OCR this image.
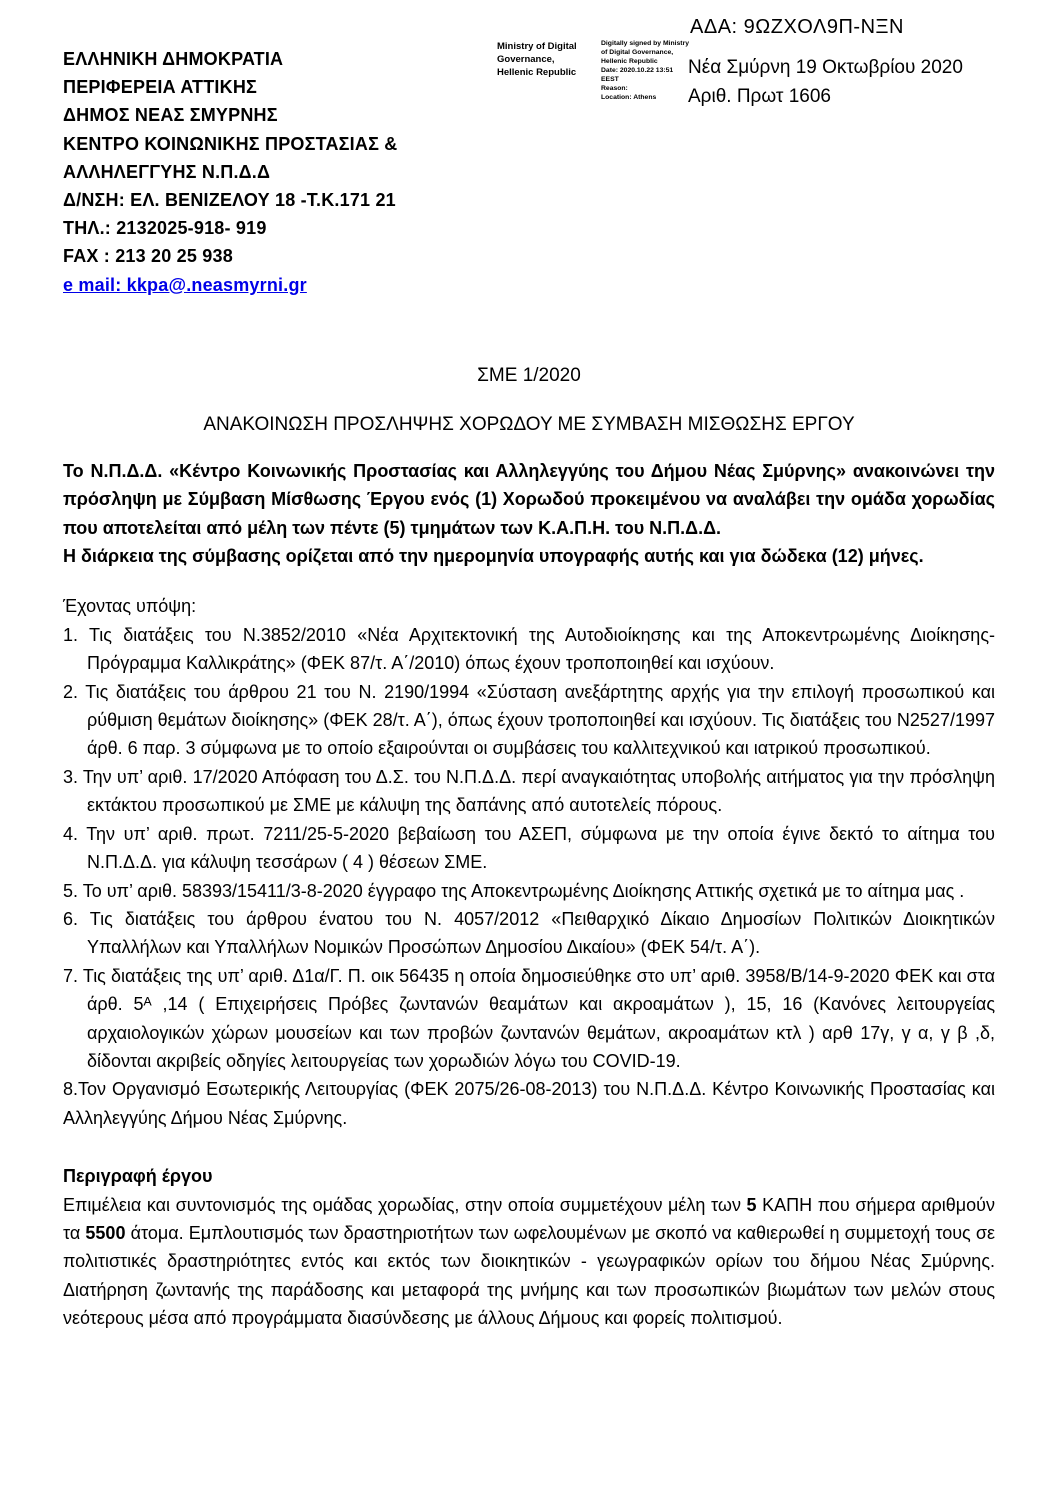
ΑΔΑ: 9ΩΖΧΟΛ9Π-ΝΞΝ
ΕΛΛΗΝΙΚΗ ΔΗΜΟΚΡΑΤΙΑ
ΠΕΡΙΦΕΡΕΙΑ ΑΤΤΙΚΗΣ
ΔΗΜΟΣ ΝΕΑΣ ΣΜΥΡΝΗΣ
ΚΕΝΤΡΟ ΚΟΙΝΩΝΙΚΗΣ ΠΡΟΣΤΑΣΙΑΣ &
ΑΛΛΗΛΕΓΓΥΗΣ Ν.Π.Δ.Δ
Δ/ΝΣΗ: ΕΛ. ΒΕΝΙΖΕΛΟΥ 18 -Τ.Κ.171 21
ΤΗΛ.: 2132025-918- 919
FAX : 213 20 25 938
e mail: kkpa@.neasmyrni.gr
Ministry of Digital
Governance,
Hellenic Republic
Digitally signed by Ministry
of Digital Governance,
Hellenic Republic
Date: 2020.10.22 13:51
EEST
Reason:
Location: Athens
Νέα Σμύρνη 19 Οκτωβρίου 2020
Αριθ. Πρωτ 1606
ΣΜΕ 1/2020
ΑΝΑΚΟΙΝΩΣΗ ΠΡΟΣΛΗΨΗΣ ΧΟΡΩΔΟΥ ΜΕ ΣΥΜΒΑΣΗ ΜΙΣΘΩΣΗΣ ΕΡΓΟΥ

Το Ν.Π.Δ.Δ. «Κέντρο Κοινωνικής Προστασίας και Αλληλεγγύης του Δήμου Νέας Σμύρνης» ανακοινώνει την πρόσληψη με Σύμβαση Μίσθωσης Έργου ενός (1) Χορωδού προκειμένου να αναλάβει την ομάδα χορωδίας που αποτελείται από μέλη των πέντε (5) τμημάτων των Κ.Α.Π.Η. του Ν.Π.Δ.Δ.

Η διάρκεια της σύμβασης ορίζεται από την ημερομηνία υπογραφής αυτής και για δώδεκα (12) μήνες.

Έχοντας υπόψη:

1. Τις διατάξεις του Ν.3852/2010 «Νέα Αρχιτεκτονική της Αυτοδιοίκησης και της Αποκεντρωμένης Διοίκησης- Πρόγραμμα Καλλικράτης» (ΦΕΚ 87/τ. Α΄/2010) όπως έχουν τροποποιηθεί και ισχύουν.
2. Τις διατάξεις του άρθρου 21 του Ν. 2190/1994 «Σύσταση ανεξάρτητης αρχής για την επιλογή προσωπικού και ρύθμιση θεμάτων διοίκησης» (ΦΕΚ 28/τ. Α΄), όπως έχουν τροποποιηθεί και ισχύουν. Τις διατάξεις του Ν2527/1997 άρθ. 6 παρ. 3 σύμφωνα με το οποίο εξαιρούνται οι συμβάσεις του καλλιτεχνικού και ιατρικού προσωπικού.
3. Την υπ’ αριθ. 17/2020 Απόφαση του Δ.Σ. του Ν.Π.Δ.Δ. περί αναγκαιότητας υποβολής αιτήματος για την πρόσληψη εκτάκτου προσωπικού με ΣΜΕ με κάλυψη της δαπάνης από αυτοτελείς πόρους.
4. Την υπ’ αριθ. πρωτ. 7211/25-5-2020 βεβαίωση του ΑΣΕΠ, σύμφωνα με την οποία έγινε δεκτό το αίτημα του Ν.Π.Δ.Δ. για κάλυψη τεσσάρων ( 4 ) θέσεων ΣΜΕ.
5. Το υπ’ αριθ. 58393/15411/3-8-2020 έγγραφο της Αποκεντρωμένης Διοίκησης Αττικής σχετικά με το αίτημα μας .
6. Τις διατάξεις του άρθρου ένατου του Ν. 4057/2012 «Πειθαρχικό Δίκαιο Δημοσίων Πολιτικών Διοικητικών Υπαλλήλων και Υπαλλήλων Νομικών Προσώπων Δημοσίου Δικαίου» (ΦΕΚ 54/τ. Α΄).
7. Τις διατάξεις της υπ’ αριθ. Δ1α/Γ. Π. οικ 56435 η οποία δημοσιεύθηκε στο υπ’ αριθ. 3958/Β/14-9-2020 ΦΕΚ και στα άρθ. 5ᴬ ,14 ( Επιχειρήσεις Πρόβες ζωντανών θεαμάτων και ακροαμάτων ), 15, 16 (Κανόνες λειτουργείας αρχαιολογικών χώρων μουσείων και των προβών ζωντανών θεμάτων, ακροαμάτων κτλ ) αρθ 17γ, γ α, γ β ,δ, δίδονται ακριβείς οδηγίες λειτουργείας των χορωδιών λόγω του COVID-19.
8.Τον Οργανισμό Εσωτερικής Λειτουργίας (ΦΕΚ 2075/26-08-2013) του Ν.Π.Δ.Δ. Κέντρο Κοινωνικής Προστασίας και Αλληλεγγύης Δήμου Νέας Σμύρνης.

Περιγραφή έργου

Επιμέλεια και συντονισμός της ομάδας χορωδίας, στην οποία συμμετέχουν μέλη των 5 ΚΑΠΗ που σήμερα αριθμούν τα 5500 άτομα. Εμπλουτισμός των δραστηριοτήτων των ωφελουμένων με σκοπό να καθιερωθεί η συμμετοχή τους σε πολιτιστικές δραστηριότητες εντός και εκτός των διοικητικών - γεωγραφικών ορίων του δήμου Νέας Σμύρνης. Διατήρηση ζωντανής της παράδοσης και μεταφορά της μνήμης και των προσωπικών βιωμάτων των μελών στους νεότερους μέσα από προγράμματα διασύνδεσης με άλλους Δήμους και φορείς πολιτισμού.
